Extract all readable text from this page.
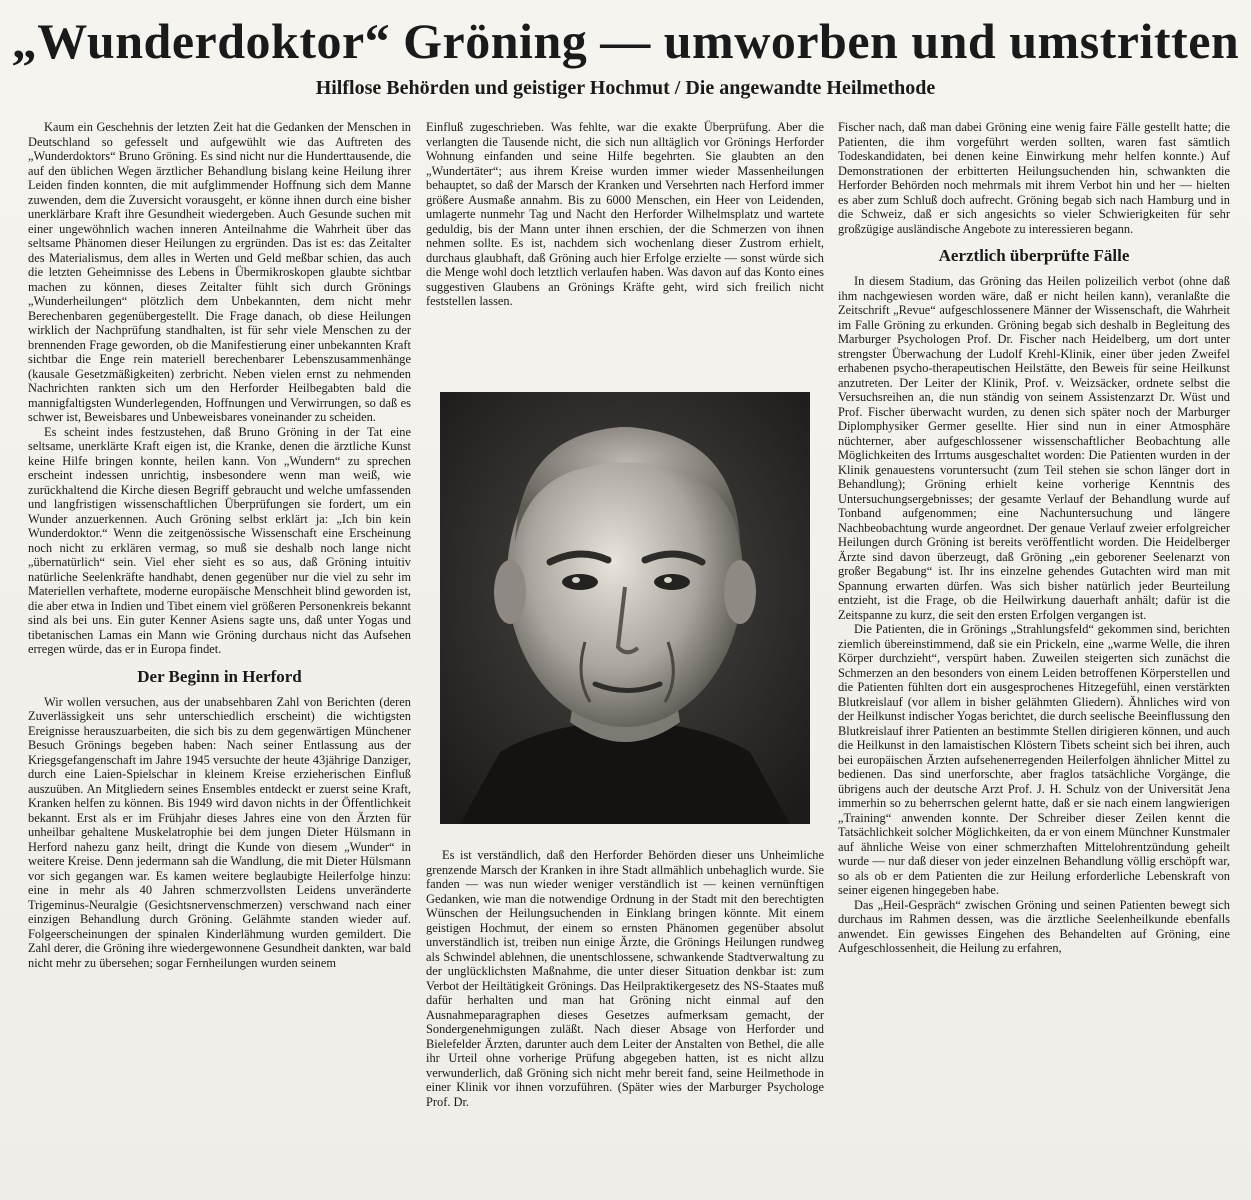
„Wunderdoktor“ Gröning — umworben und umstritten
Hilflose Behörden und geistiger Hochmut / Die angewandte Heilmethode

Kaum ein Geschehnis der letzten Zeit hat die Gedanken der Menschen in Deutschland so gefesselt und aufgewühlt wie das Auftreten des „Wunderdoktors“ Bruno Gröning. Es sind nicht nur die Hunderttausende, die auf den üblichen Wegen ärztlicher Behandlung bislang keine Heilung ihrer Leiden finden konnten, die mit aufglimmender Hoffnung sich dem Manne zuwenden, dem die Zuversicht vorausgeht, er könne ihnen durch eine bisher unerklärbare Kraft ihre Gesundheit wiedergeben. Auch Gesunde suchen mit einer ungewöhnlich wachen inneren Anteilnahme die Wahrheit über das seltsame Phänomen dieser Heilungen zu ergründen. Das ist es: das Zeitalter des Materialismus, dem alles in Werten und Geld meßbar schien, das auch die letzten Geheimnisse des Lebens in Übermikroskopen glaubte sichtbar machen zu können, dieses Zeitalter fühlt sich durch Grönings „Wunderheilungen“ plötzlich dem Unbekannten, dem nicht mehr Berechenbaren gegenübergestellt. Die Frage danach, ob diese Heilungen wirklich der Nachprüfung standhalten, ist für sehr viele Menschen zu der brennenden Frage geworden, ob die Manifestierung einer unbekannten Kraft sichtbar die Enge rein materiell berechenbarer Lebenszusammenhänge (kausale Gesetzmäßigkeiten) zerbricht. Neben vielen ernst zu nehmenden Nachrichten rankten sich um den Herforder Heilbegabten bald die mannigfaltigsten Wunderlegenden, Hoffnungen und Verwirrungen, so daß es schwer ist, Beweisbares und Unbeweisbares voneinander zu scheiden.

Es scheint indes festzustehen, daß Bruno Gröning in der Tat eine seltsame, unerklärte Kraft eigen ist, die Kranke, denen die ärztliche Kunst keine Hilfe bringen konnte, heilen kann. Von „Wundern“ zu sprechen erscheint indessen unrichtig, insbesondere wenn man weiß, wie zurückhaltend die Kirche diesen Begriff gebraucht und welche umfassenden und langfristigen wissenschaftlichen Überprüfungen sie fordert, um ein Wunder anzuerkennen. Auch Gröning selbst erklärt ja: „Ich bin kein Wunderdoktor.“ Wenn die zeitgenössische Wissenschaft eine Erscheinung noch nicht zu erklären vermag, so muß sie deshalb noch lange nicht „übernatürlich“ sein. Viel eher sieht es so aus, daß Gröning intuitiv natürliche Seelenkräfte handhabt, denen gegenüber nur die viel zu sehr im Materiellen verhaftete, moderne europäische Menschheit blind geworden ist, die aber etwa in Indien und Tibet einem viel größeren Personenkreis bekannt sind als bei uns. Ein guter Kenner Asiens sagte uns, daß unter Yogas und tibetanischen Lamas ein Mann wie Gröning durchaus nicht das Aufsehen erregen würde, das er in Europa findet.

Der Beginn in Herford

Wir wollen versuchen, aus der unabsehbaren Zahl von Berichten (deren Zuverlässigkeit uns sehr unterschiedlich erscheint) die wichtigsten Ereignisse herauszuarbeiten, die sich bis zu dem gegenwärtigen Münchener Besuch Grönings begeben haben: Nach seiner Entlassung aus der Kriegsgefangenschaft im Jahre 1945 versuchte der heute 43jährige Danziger, durch eine Laien-Spielschar in kleinem Kreise erzieherischen Einfluß auszuüben. An Mitgliedern seines Ensembles entdeckt er zuerst seine Kraft, Kranken helfen zu können. Bis 1949 wird davon nichts in der Öffentlichkeit bekannt. Erst als er im Frühjahr dieses Jahres eine von den Ärzten für unheilbar gehaltene Muskelatrophie bei dem jungen Dieter Hülsmann in Herford nahezu ganz heilt, dringt die Kunde von diesem „Wunder“ in weitere Kreise. Denn jedermann sah die Wandlung, die mit Dieter Hülsmann vor sich gegangen war. Es kamen weitere beglaubigte Heilerfolge hinzu: eine in mehr als 40 Jahren schmerzvollsten Leidens unveränderte Trigeminus-Neuralgie (Gesichtsnervenschmerzen) verschwand nach einer einzigen Behandlung durch Gröning. Gelähmte standen wieder auf. Folgeerscheinungen der spinalen Kinderlähmung wurden gemildert. Die Zahl derer, die Gröning ihre wiedergewonnene Gesundheit dankten, war bald nicht mehr zu übersehen; sogar Fernheilungen wurden seinem

Einfluß zugeschrieben. Was fehlte, war die exakte Überprüfung. Aber die verlangten die Tausende nicht, die sich nun alltäglich vor Grönings Herforder Wohnung einfanden und seine Hilfe begehrten. Sie glaubten an den „Wundertäter“; aus ihrem Kreise wurden immer wieder Massenheilungen behauptet, so daß der Marsch der Kranken und Versehrten nach Herford immer größere Ausmaße annahm. Bis zu 6000 Menschen, ein Heer von Leidenden, umlagerte nunmehr Tag und Nacht den Herforder Wilhelmsplatz und wartete geduldig, bis der Mann unter ihnen erschien, der die Schmerzen von ihnen nehmen sollte. Es ist, nachdem sich wochenlang dieser Zustrom erhielt, durchaus glaubhaft, daß Gröning auch hier Erfolge erzielte — sonst würde sich die Menge wohl doch letztlich verlaufen haben. Was davon auf das Konto eines suggestiven Glaubens an Grönings Kräfte geht, wird sich freilich nicht feststellen lassen.

Es ist verständlich, daß den Herforder Behörden dieser uns Unheimliche grenzende Marsch der Kranken in ihre Stadt allmählich unbehaglich wurde. Sie fanden — was nun wieder weniger verständlich ist — keinen vernünftigen Gedanken, wie man die notwendige Ordnung in der Stadt mit den berechtigten Wünschen der Heilungsuchenden in Einklang bringen könnte. Mit einem geistigen Hochmut, der einem so ernsten Phänomen gegenüber absolut unverständlich ist, treiben nun einige Ärzte, die Grönings Heilungen rundweg als Schwindel ablehnen, die unentschlossene, schwankende Stadtverwaltung zu der unglücklichsten Maßnahme, die unter dieser Situation denkbar ist: zum Verbot der Heiltätigkeit Grönings. Das Heilpraktikergesetz des NS-Staates muß dafür herhalten und man hat Gröning nicht einmal auf den Ausnahmeparagraphen dieses Gesetzes aufmerksam gemacht, der Sondergenehmigungen zuläßt. Nach dieser Absage von Herforder und Bielefelder Ärzten, darunter auch dem Leiter der Anstalten von Bethel, die alle ihr Urteil ohne vorherige Prüfung abgegeben hatten, ist es nicht allzu verwunderlich, daß Gröning sich nicht mehr bereit fand, seine Heilmethode in einer Klinik vor ihnen vorzuführen. (Später wies der Marburger Psychologe Prof. Dr.

Fischer nach, daß man dabei Gröning eine wenig faire Fälle gestellt hatte; die Patienten, die ihm vorgeführt werden sollten, waren fast sämtlich Todeskandidaten, bei denen keine Einwirkung mehr helfen konnte.) Auf Demonstrationen der erbitterten Heilungsuchenden hin, schwankten die Herforder Behörden noch mehrmals mit ihrem Verbot hin und her — hielten es aber zum Schluß doch aufrecht. Gröning begab sich nach Hamburg und in die Schweiz, daß er sich angesichts so vieler Schwierigkeiten für sehr großzügige ausländische Angebote zu interessieren begann.

Aerztlich überprüfte Fälle

In diesem Stadium, das Gröning das Heilen polizeilich verbot (ohne daß ihm nachgewiesen worden wäre, daß er nicht heilen kann), veranlaßte die Zeitschrift „Revue“ aufgeschlossenere Männer der Wissenschaft, die Wahrheit im Falle Gröning zu erkunden. Gröning begab sich deshalb in Begleitung des Marburger Psychologen Prof. Dr. Fischer nach Heidelberg, um dort unter strengster Überwachung der Ludolf Krehl-Klinik, einer über jeden Zweifel erhabenen psycho-therapeutischen Heilstätte, den Beweis für seine Heilkunst anzutreten. Der Leiter der Klinik, Prof. v. Weizsäcker, ordnete selbst die Versuchsreihen an, die nun ständig von seinem Assistenzarzt Dr. Wüst und Prof. Fischer überwacht wurden, zu denen sich später noch der Marburger Diplomphysiker Germer gesellte. Hier sind nun in einer Atmosphäre nüchterner, aber aufgeschlossener wissenschaftlicher Beobachtung alle Möglichkeiten des Irrtums ausgeschaltet worden: Die Patienten wurden in der Klinik genauestens voruntersucht (zum Teil stehen sie schon länger dort in Behandlung); Gröning erhielt keine vorherige Kenntnis des Untersuchungsergebnisses; der gesamte Verlauf der Behandlung wurde auf Tonband aufgenommen; eine Nachuntersuchung und längere Nachbeobachtung wurde angeordnet. Der genaue Verlauf zweier erfolgreicher Heilungen durch Gröning ist bereits veröffentlicht worden. Die Heidelberger Ärzte sind davon überzeugt, daß Gröning „ein geborener Seelenarzt von großer Begabung“ ist. Ihr ins einzelne gehendes Gutachten wird man mit Spannung erwarten dürfen. Was sich bisher natürlich jeder Beurteilung entzieht, ist die Frage, ob die Heilwirkung dauerhaft anhält; dafür ist die Zeitspanne zu kurz, die seit den ersten Erfolgen vergangen ist.

Die Patienten, die in Grönings „Strahlungsfeld“ gekommen sind, berichten ziemlich übereinstimmend, daß sie ein Prickeln, eine „warme Welle, die ihren Körper durchzieht“, verspürt haben. Zuweilen steigerten sich zunächst die Schmerzen an den besonders von einem Leiden betroffenen Körperstellen und die Patienten fühlten dort ein ausgesprochenes Hitzegefühl, einen verstärkten Blutkreislauf (vor allem in bisher gelähmten Gliedern). Ähnliches wird von der Heilkunst indischer Yogas berichtet, die durch seelische Beeinflussung den Blutkreislauf ihrer Patienten an bestimmte Stellen dirigieren können, und auch die Heilkunst in den lamaistischen Klöstern Tibets scheint sich bei ihren, auch bei europäischen Ärzten aufsehenerregenden Heilerfolgen ähnlicher Mittel zu bedienen. Das sind unerforschte, aber fraglos tatsächliche Vorgänge, die übrigens auch der deutsche Arzt Prof. J. H. Schulz von der Universität Jena immerhin so zu beherrschen gelernt hatte, daß er sie nach einem langwierigen „Training“ anwenden konnte. Der Schreiber dieser Zeilen kennt die Tatsächlichkeit solcher Möglichkeiten, da er von einem Münchner Kunstmaler auf ähnliche Weise von einer schmerzhaften Mittelohrentzündung geheilt wurde — nur daß dieser von jeder einzelnen Behandlung völlig erschöpft war, so als ob er dem Patienten die zur Heilung erforderliche Lebenskraft von seiner eigenen hingegeben habe.

Das „Heil-Gespräch“ zwischen Gröning und seinen Patienten bewegt sich durchaus im Rahmen dessen, was die ärztliche Seelenheilkunde ebenfalls anwendet. Ein gewisses Eingehen des Behandelten auf Gröning, eine Aufgeschlossenheit, die Heilung zu erfahren,
